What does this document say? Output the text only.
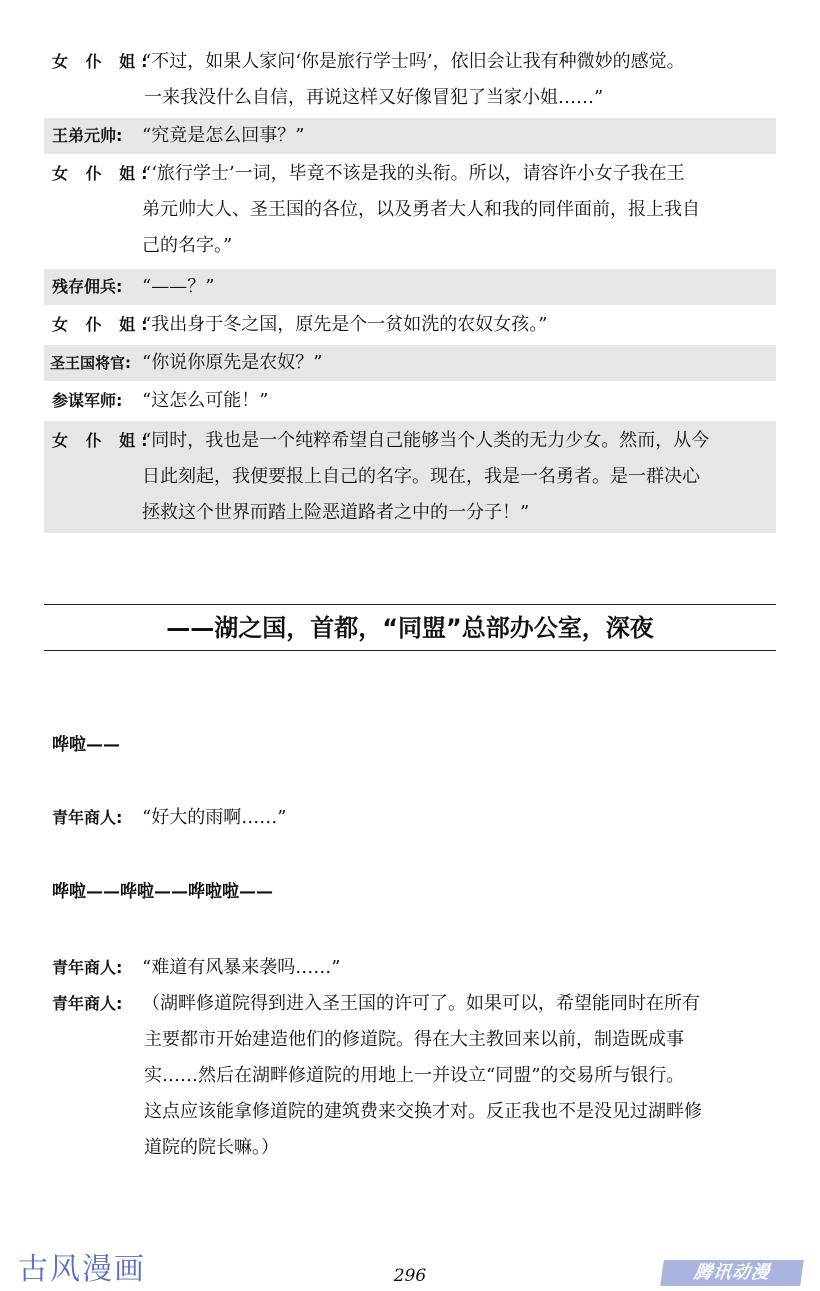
女 仆 姐:
“不过，如果人家问‘你是旅行学士吗’，依旧会让我有种微妙的感觉。
一来我没什么自信，再说这样又好像冒犯了当家小姐……”
王弟元帅: “究竟是怎么回事？”
女 仆 姐:
“‘旅行学士’一词，毕竟不该是我的头衔。所以，请容许小女子我在王
弟元帅大人、圣王国的各位，以及勇者大人和我的同伴面前，报上我自
己的名字。”
残存佣兵: “——？”
女 仆 姐:
“我出身于冬之国，原先是个一贫如洗的农奴女孩。”
圣王国将官: “你说你原先是农奴？”
参谋军师: “这怎么可能！”
女 仆 姐:
“同时，我也是一个纯粹希望自己能够当个人类的无力少女。然而，从今
日此刻起，我便要报上自己的名字。现在，我是一名勇者。是一群决心
拯救这个世界而踏上险恶道路者之中的一分子！”
——湖之国，首都，“同盟”总部办公室，深夜
哗啦——
青年商人: “好大的雨啊……”
哗啦——哗啦——哗啦啦——
青年商人: “难道有风暴来袭吗……”
青年商人: （湖畔修道院得到进入圣王国的许可了。如果可以，希望能同时在所有
主要都市开始建造他们的修道院。得在大主教回来以前，制造既成事
实……然后在湖畔修道院的用地上一并设立“同盟”的交易所与银行。
这点应该能拿修道院的建筑费来交换才对。反正我也不是没见过湖畔修
道院的院长嘛。）
古风漫画	296	腾讯动漫
